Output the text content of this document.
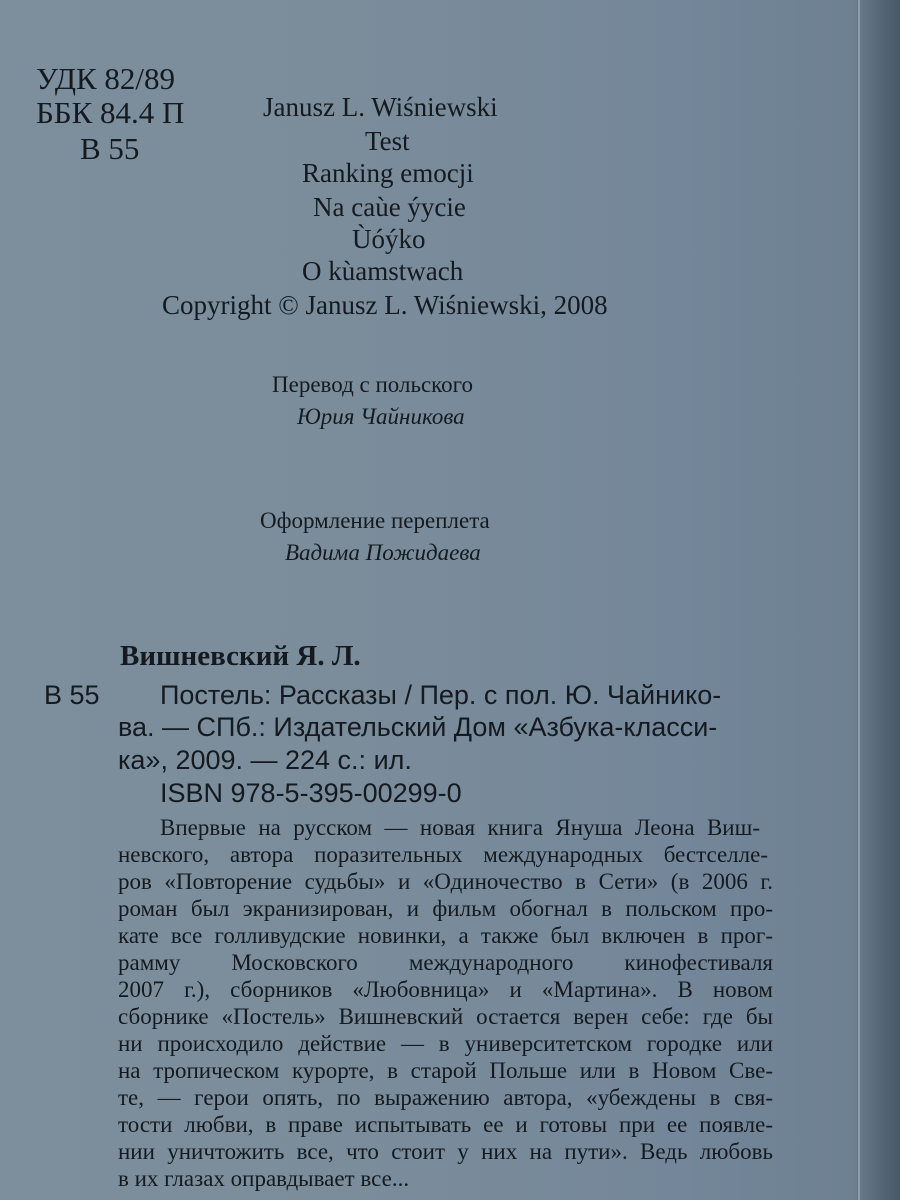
УДК 82/89
ББК 84.4 П
В 55
Janusz L. Wiśniewski
Test
Ranking emocji
Na caùe ýycie
Ùóýko
O kùamstwach
Copyright © Janusz L. Wiśniewski, 2008
Перевод с польского
Юрия Чайникова
Оформление переплета
Вадима Пожидаева
Вишневский Я. Л.
В 55 Постель: Рассказы / Пер. с пол. Ю. Чайнико-
ва. — СПб.: Издательский Дом «Азбука-класси-
ка», 2009. — 224 с.: ил.
ISBN 978-5-395-00299-0
Впервые на русском — новая книга Януша Леона Виш-
невского, автора поразительных международных бестселле-
ров «Повторение судьбы» и «Одиночество в Сети» (в 2006 г.
роман был экранизирован, и фильм обогнал в польском про-
кате все голливудские новинки, а также был включен в прог-
рамму Московского международного кинофестиваля
2007 г.), сборников «Любовница» и «Мартина». В новом
сборнике «Постель» Вишневский остается верен себе: где бы
ни происходило действие — в университетском городке или
на тропическом курорте, в старой Польше или в Новом Све-
те, — герои опять, по выражению автора, «убеждены в свя-
тости любви, в праве испытывать ее и готовы при ее появле-
нии уничтожить все, что стоит у них на пути». Ведь любовь
в их глазах оправдывает все...
